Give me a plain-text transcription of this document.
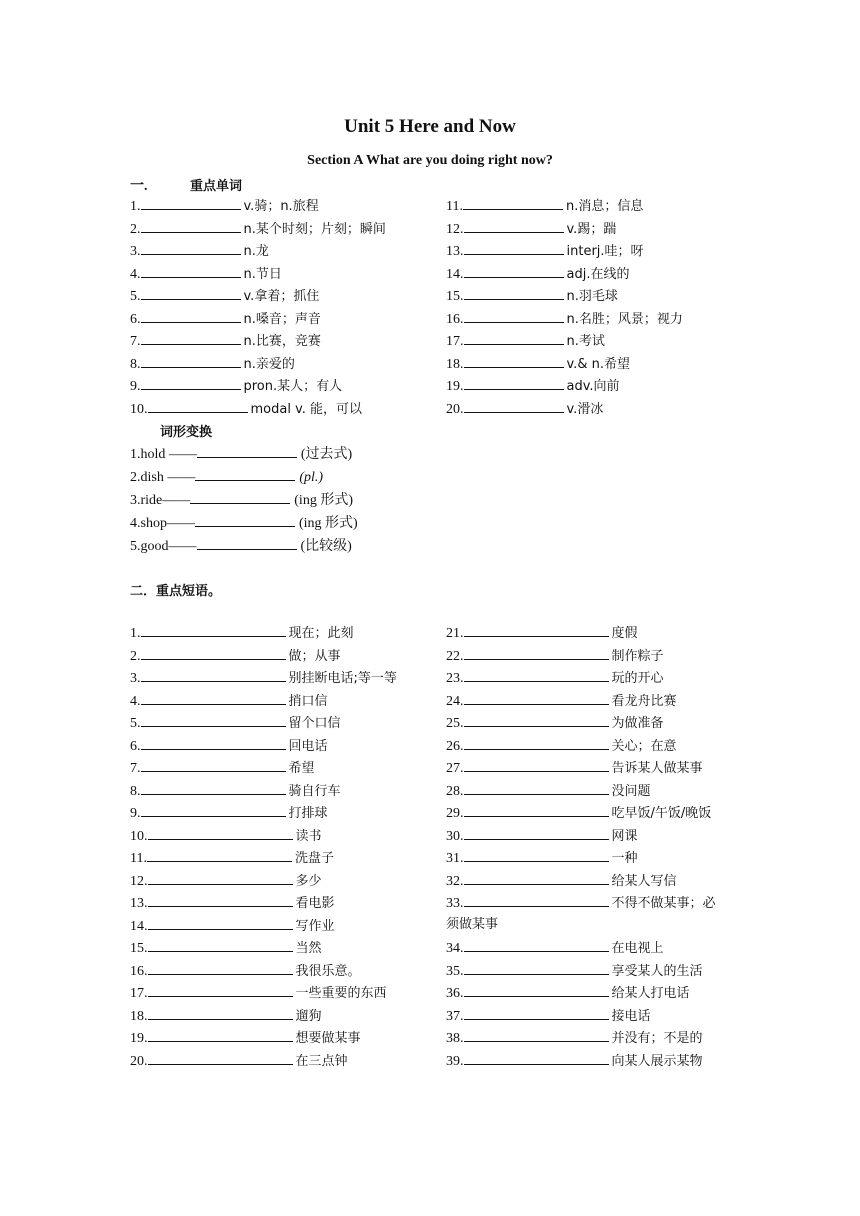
Unit 5 Here and Now
Section A What are you doing right now?
一.	重点单词
1.	v.骑；n.旅程
2.	n.某个时刻；片刻；瞬间
3.	n.龙
4.	n.节日
5.	v.拿着；抓住
6.	n.嗓音；声音
7.	n.比赛，竞赛
8.	n.亲爱的
9.	pron.某人；有人
10.	modal v. 能，可以
11.	n.消息；信息
12.	v.踢；踹
13.	interj.哇；呀
14.	adj.在线的
15.	n.羽毛球
16.	n.名胜；风景；视力
17.	n.考试
18.	v.& n.希望
19.	adv.向前
20.	v.滑冰
词形变换
1.hold ——	(过去式)
2.dish ——	(pl.)
3.ride——	(ing 形式)
4.shop——	(ing 形式)
5.good——	(比较级)
二．重点短语。
1.	现在；此刻
2.	做；从事
3.	别挂断电话;等一等
4.	捎口信
5.	留个口信
6.	回电话
7.	希望
8.	骑自行车
9.	打排球
10.	读书
11.	洗盘子
12.	多少
13.	看电影
14.	写作业
15.	当然
16.	我很乐意。
17.	一些重要的东西
18.	遛狗
19.	想要做某事
20.	在三点钟
21.	度假
22.	制作粽子
23.	玩的开心
24.	看龙舟比赛
25.	为做准备
26.	关心；在意
27.	告诉某人做某事
28.	没问题
29.	吃早饭/午饭/晚饭
30.	网课
31.	一种
32.	给某人写信
33.	不得不做某事；必
须做某事
34.	在电视上
35.	享受某人的生活
36.	给某人打电话
37.	接电话
38.	并没有；不是的
39.	向某人展示某物
